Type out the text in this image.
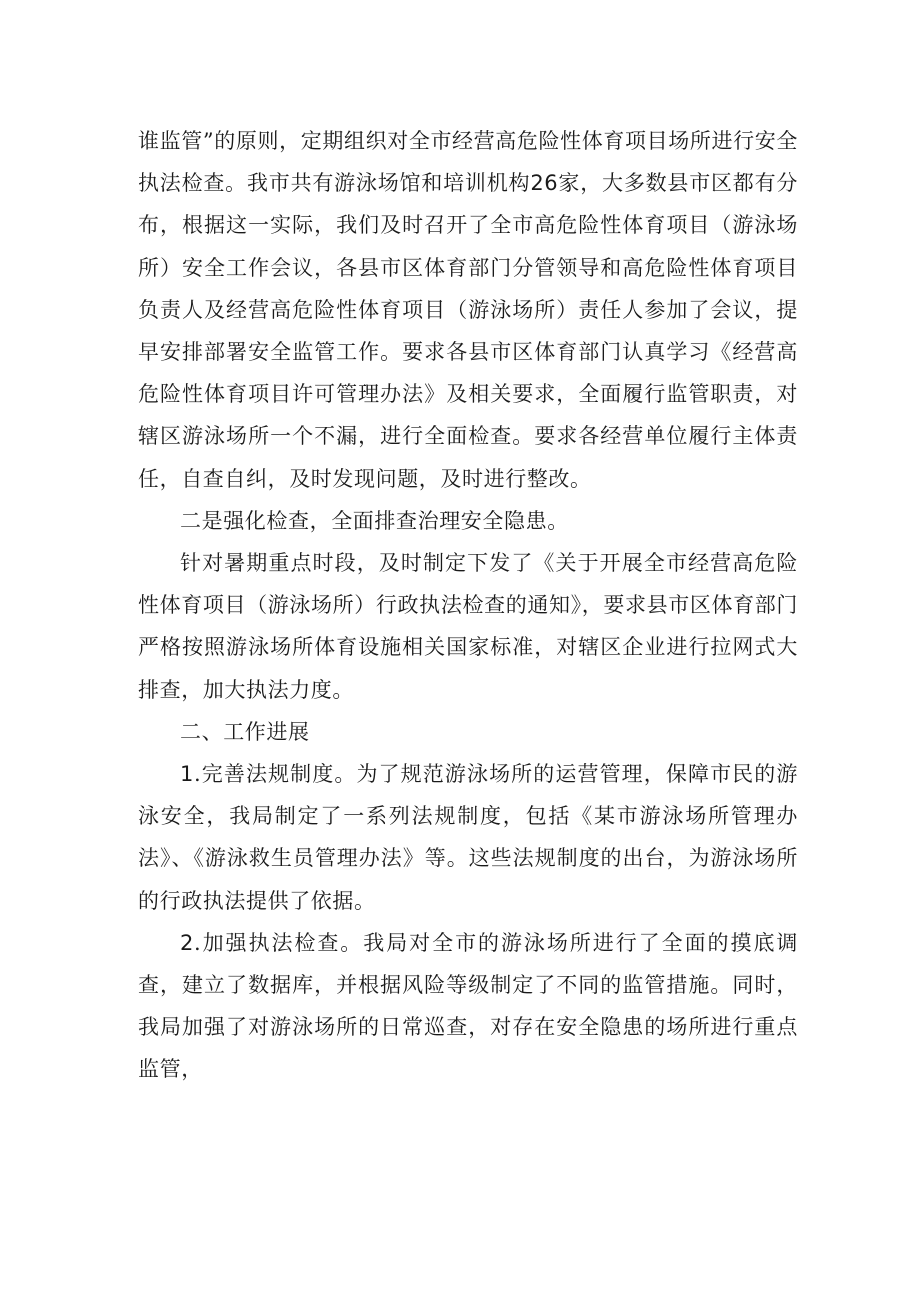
谁监管”的原则，定期组织对全市经营高危险性体育项目场所进行安全执法检查。我市共有游泳场馆和培训机构26家，大多数县市区都有分布，根据这一实际，我们及时召开了全市高危险性体育项目（游泳场所）安全工作会议，各县市区体育部门分管领导和高危险性体育项目负责人及经营高危险性体育项目（游泳场所）责任人参加了会议，提早安排部署安全监管工作。要求各县市区体育部门认真学习《经营高危险性体育项目许可管理办法》及相关要求，全面履行监管职责，对辖区游泳场所一个不漏，进行全面检查。要求各经营单位履行主体责任，自查自纠，及时发现问题，及时进行整改。

二是强化检查，全面排查治理安全隐患。

针对暑期重点时段，及时制定下发了《关于开展全市经营高危险性体育项目（游泳场所）行政执法检查的通知》，要求县市区体育部门严格按照游泳场所体育设施相关国家标准，对辖区企业进行拉网式大排查，加大执法力度。

二、工作进展

1.完善法规制度。为了规范游泳场所的运营管理，保障市民的游泳安全，我局制定了一系列法规制度，包括《某市游泳场所管理办法》、《游泳救生员管理办法》等。这些法规制度的出台，为游泳场所的行政执法提供了依据。

2.加强执法检查。我局对全市的游泳场所进行了全面的摸底调查，建立了数据库，并根据风险等级制定了不同的监管措施。同时，我局加强了对游泳场所的日常巡查，对存在安全隐患的场所进行重点监管，
